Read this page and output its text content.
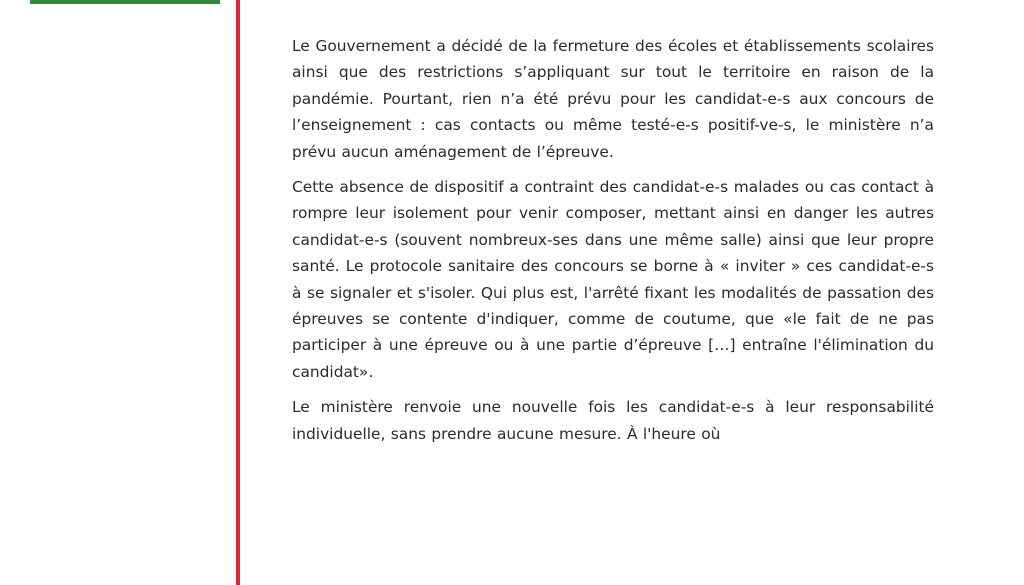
Le Gouvernement a décidé de la fermeture des écoles et établissements scolaires ainsi que des restrictions s’appliquant sur tout le territoire en raison de la pandémie. Pourtant, rien n’a été prévu pour les candidat-e-s aux concours de l’enseignement : cas contacts ou même testé-e-s positif-ve-s, le ministère n’a prévu aucun aménagement de l’épreuve.

Cette absence de dispositif a contraint des candidat-e-s malades ou cas contact à rompre leur isolement pour venir composer, mettant ainsi en danger les autres candidat-e-s (souvent nombreux-ses dans une même salle) ainsi que leur propre santé. Le protocole sanitaire des concours se borne à « inviter » ces candidat-e-s à se signaler et s'isoler. Qui plus est, l'arrêté fixant les modalités de passation des épreuves se contente d'indiquer, comme de coutume, que «le fait de ne pas participer à une épreuve ou à une partie d’épreuve […] entraîne l'élimination du candidat».

Le ministère renvoie une nouvelle fois les candidat-e-s à leur responsabilité individuelle, sans prendre aucune mesure. À l'heure où
